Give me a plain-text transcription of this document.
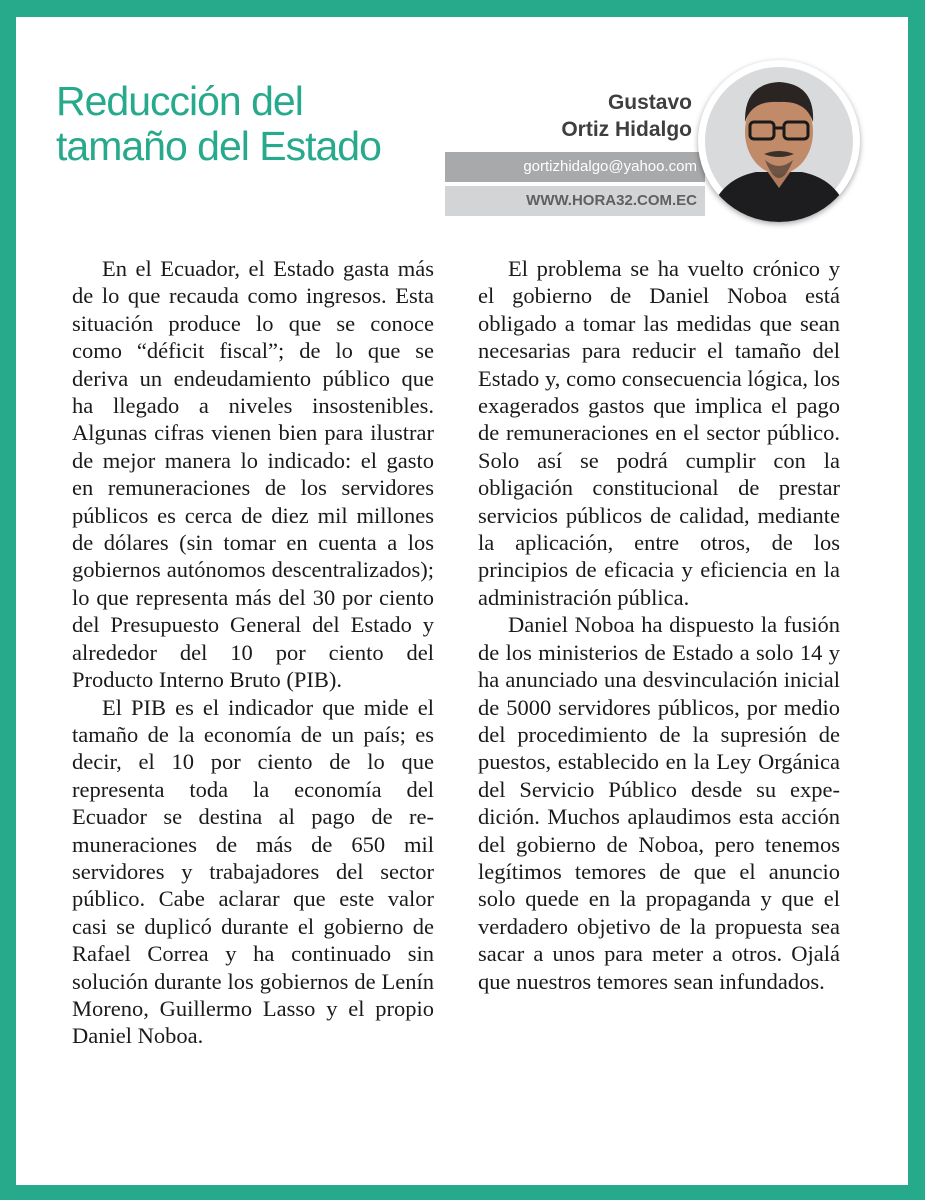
Reducción del
tamaño del Estado
Gustavo
Ortiz Hidalgo
gortizhidalgo@yahoo.com
WWW.HORA32.COM.EC

En el Ecuador, el Estado gasta más de lo que recauda como ingresos. Esta situación produce lo que se conoce como “déficit fiscal”; de lo que se deriva un endeudamiento público que ha llegado a niveles insostenibles. Algunas cifras vienen bien para ilustrar de mejor manera lo indicado: el gasto en remuneraciones de los servidores públicos es cerca de diez mil millones de dólares (sin tomar en cuenta a los gobiernos autónomos descentralizados); lo que representa más del 30 por ciento del Presupuesto General del Estado y alrededor del 10 por ciento del Producto Interno Bruto (PIB).

El PIB es el indicador que mide el tamaño de la economía de un país; es decir, el 10 por ciento de lo que representa toda la economía del Ecuador se destina al pago de remuneraciones de más de 650 mil servidores y trabajadores del sector público. Cabe aclarar que este valor casi se duplicó durante el gobierno de Rafael Correa y ha continuado sin solución durante los gobiernos de Lenín Moreno, Guillermo Lasso y el propio Daniel Noboa.

El problema se ha vuelto crónico y el gobierno de Daniel Noboa está obligado a tomar las medidas que sean necesarias para reducir el tamaño del Estado y, como consecuencia lógica, los exagerados gastos que implica el pago de remuneraciones en el sector público. Solo así se podrá cumplir con la obligación constitucional de prestar servicios públicos de calidad, mediante la aplicación, entre otros, de los principios de eficacia y eficiencia en la administración pública.

Daniel Noboa ha dispuesto la fusión de los ministerios de Estado a solo 14 y ha anunciado una desvinculación inicial de 5000 servidores públicos, por medio del procedimiento de la supresión de puestos, establecido en la Ley Orgánica del Servicio Público desde su expedición. Muchos aplaudimos esta acción del gobierno de Noboa, pero tenemos legítimos temores de que el anuncio solo quede en la propaganda y que el verdadero objetivo de la propuesta sea sacar a unos para meter a otros. Ojalá que nuestros temores sean infundados.
